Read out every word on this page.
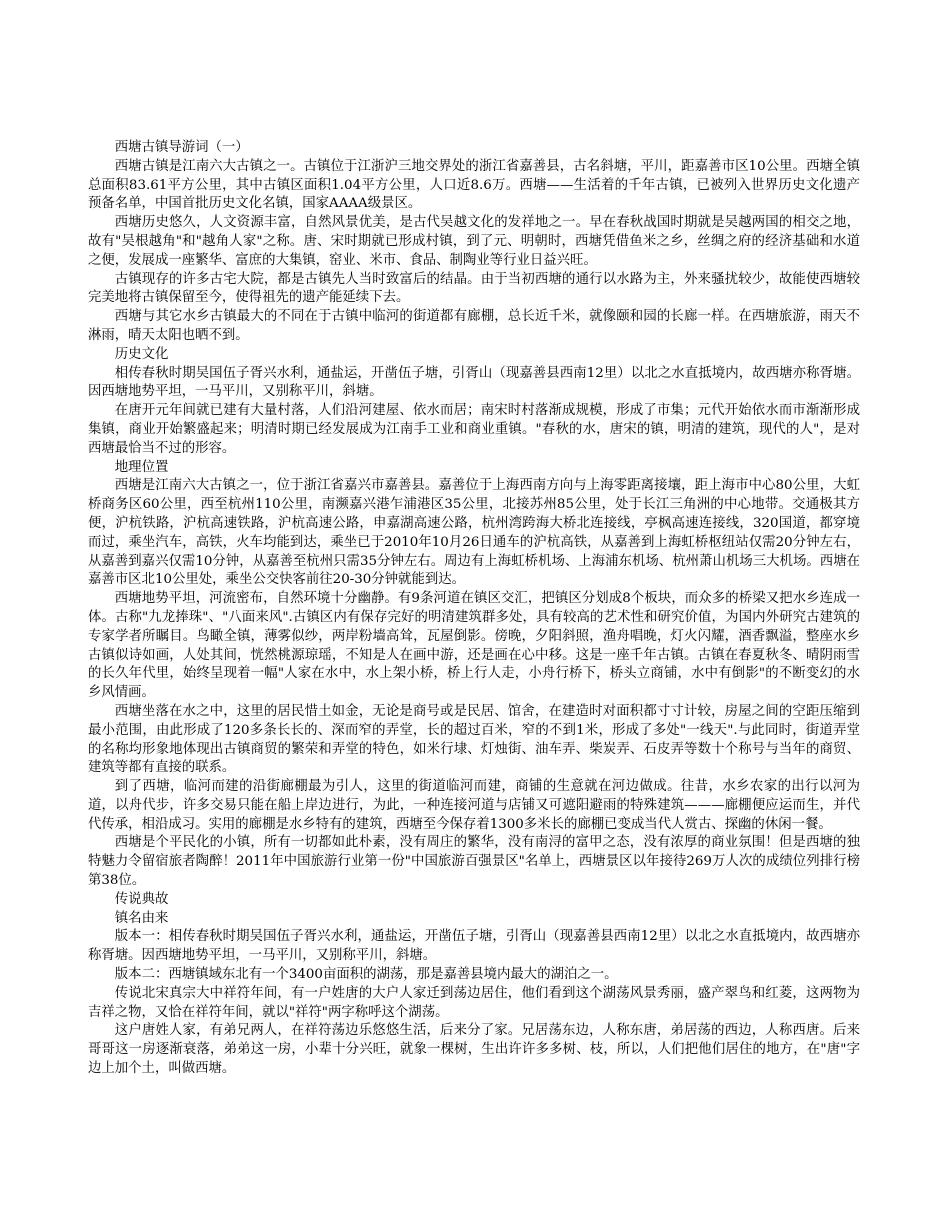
西塘古镇导游词（一）

西塘古镇是江南六大古镇之一。古镇位于江浙沪三地交界处的浙江省嘉善县，古名斜塘，平川，距嘉善市区10公里。西塘全镇总面积83.61平方公里，其中古镇区面积1.04平方公里，人口近8.6万。西塘——生活着的千年古镇，已被列入世界历史文化遗产预备名单，中国首批历史文化名镇，国家AAAA级景区。

西塘历史悠久，人文资源丰富，自然风景优美，是古代吴越文化的发祥地之一。早在春秋战国时期就是吴越两国的相交之地，故有"吴根越角"和"越角人家"之称。唐、宋时期就已形成村镇，到了元、明朝时，西塘凭借鱼米之乡，丝绸之府的经济基础和水道之便，发展成一座繁华、富庶的大集镇，窑业、米市、食品、制陶业等行业日益兴旺。

古镇现存的许多古宅大院，都是古镇先人当时致富后的结晶。由于当初西塘的通行以水路为主，外来骚扰较少，故能使西塘较完美地将古镇保留至今，使得祖先的遗产能延续下去。

西塘与其它水乡古镇最大的不同在于古镇中临河的街道都有廊棚，总长近千米，就像颐和园的长廊一样。在西塘旅游，雨天不淋雨，晴天太阳也晒不到。

历史文化

相传春秋时期吴国伍子胥兴水利，通盐运，开凿伍子塘，引胥山（现嘉善县西南12里）以北之水直抵境内，故西塘亦称胥塘。因西塘地势平坦，一马平川，又别称平川，斜塘。

在唐开元年间就已建有大量村落，人们沿河建屋、依水而居；南宋时村落渐成规模，形成了市集；元代开始依水而市渐渐形成集镇，商业开始繁盛起来；明清时期已经发展成为江南手工业和商业重镇。"春秋的水，唐宋的镇，明清的建筑，现代的人"，是对西塘最恰当不过的形容。

地理位置

西塘是江南六大古镇之一，位于浙江省嘉兴市嘉善县。嘉善位于上海西南方向与上海零距离接壤，距上海市中心80公里，大虹桥商务区60公里，西至杭州110公里，南濒嘉兴港乍浦港区35公里，北接苏州85公里，处于长江三角洲的中心地带。交通极其方便，沪杭铁路，沪杭高速铁路，沪杭高速公路，申嘉湖高速公路，杭州湾跨海大桥北连接线，亭枫高速连接线，320国道，都穿境而过，乘坐汽车，高铁，火车均能到达，乘坐已于2010年10月26日通车的沪杭高铁，从嘉善到上海虹桥枢纽站仅需20分钟左右，从嘉善到嘉兴仅需10分钟，从嘉善至杭州只需35分钟左右。周边有上海虹桥机场、上海浦东机场、杭州萧山机场三大机场。西塘在嘉善市区北10公里处，乘坐公交快客前往20-30分钟就能到达。

西塘地势平坦，河流密布，自然环境十分幽静。有9条河道在镇区交汇，把镇区分划成8个板块，而众多的桥梁又把水乡连成一体。古称"九龙捧珠"、"八面来风".古镇区内有保存完好的明清建筑群多处，具有较高的艺术性和研究价值，为国内外研究古建筑的专家学者所瞩目。鸟瞰全镇，薄雾似纱，两岸粉墙高耸，瓦屋倒影。傍晚，夕阳斜照，渔舟唱晚，灯火闪耀，酒香飘溢，整座水乡古镇似诗如画，人处其间，恍然桃源琼瑶，不知是人在画中游，还是画在心中移。这是一座千年古镇。古镇在春夏秋冬、晴阴雨雪的长久年代里，始终呈现着一幅"人家在水中，水上架小桥，桥上行人走，小舟行桥下，桥头立商铺，水中有倒影"的不断变幻的水乡风情画。

西塘坐落在水之中，这里的居民惜土如金，无论是商号或是民居、馆舍，在建造时对面积都寸寸计较，房屋之间的空距压缩到最小范围，由此形成了120多条长长的、深而窄的弄堂，长的超过百米，窄的不到1米，形成了多处"一线天".与此同时，街道弄堂的名称均形象地体现出古镇商贸的繁荣和弄堂的特色，如米行埭、灯烛街、油车弄、柴炭弄、石皮弄等数十个称号与当年的商贸、建筑等都有直接的联系。

到了西塘，临河而建的沿街廊棚最为引人，这里的街道临河而建，商铺的生意就在河边做成。往昔，水乡农家的出行以河为道，以舟代步，许多交易只能在船上岸边进行，为此，一种连接河道与店铺又可遮阳避雨的特殊建筑———廊棚便应运而生，并代代传承，相沿成习。实用的廊棚是水乡特有的建筑，西塘至今保存着1300多米长的廊棚已变成当代人赏古、探幽的休闲一餐。

西塘是个平民化的小镇，所有一切都如此朴素，没有周庄的繁华，没有南浔的富甲之态，没有浓厚的商业氛围！但是西塘的独特魅力令留宿旅者陶醉！2011年中国旅游行业第一份"中国旅游百强景区"名单上，西塘景区以年接待269万人次的成绩位列排行榜第38位。

传说典故

镇名由来

版本一：相传春秋时期吴国伍子胥兴水利，通盐运，开凿伍子塘，引胥山（现嘉善县西南12里）以北之水直抵境内，故西塘亦称胥塘。因西塘地势平坦，一马平川，又别称平川，斜塘。

版本二：西塘镇域东北有一个3400亩面积的湖荡，那是嘉善县境内最大的湖泊之一。

传说北宋真宗大中祥符年间，有一户姓唐的大户人家迁到荡边居住，他们看到这个湖荡风景秀丽，盛产翠鸟和红菱，这两物为吉祥之物，又恰在祥符年间，就以"祥符"两字称呼这个湖荡。

这户唐姓人家，有弟兄两人，在祥符荡边乐悠悠生活，后来分了家。兄居荡东边，人称东唐，弟居荡的西边，人称西唐。后来哥哥这一房逐渐衰落，弟弟这一房，小辈十分兴旺，就象一棵树，生出许许多多树、枝，所以，人们把他们居住的地方，在"唐"字边上加个土，叫做西塘。
